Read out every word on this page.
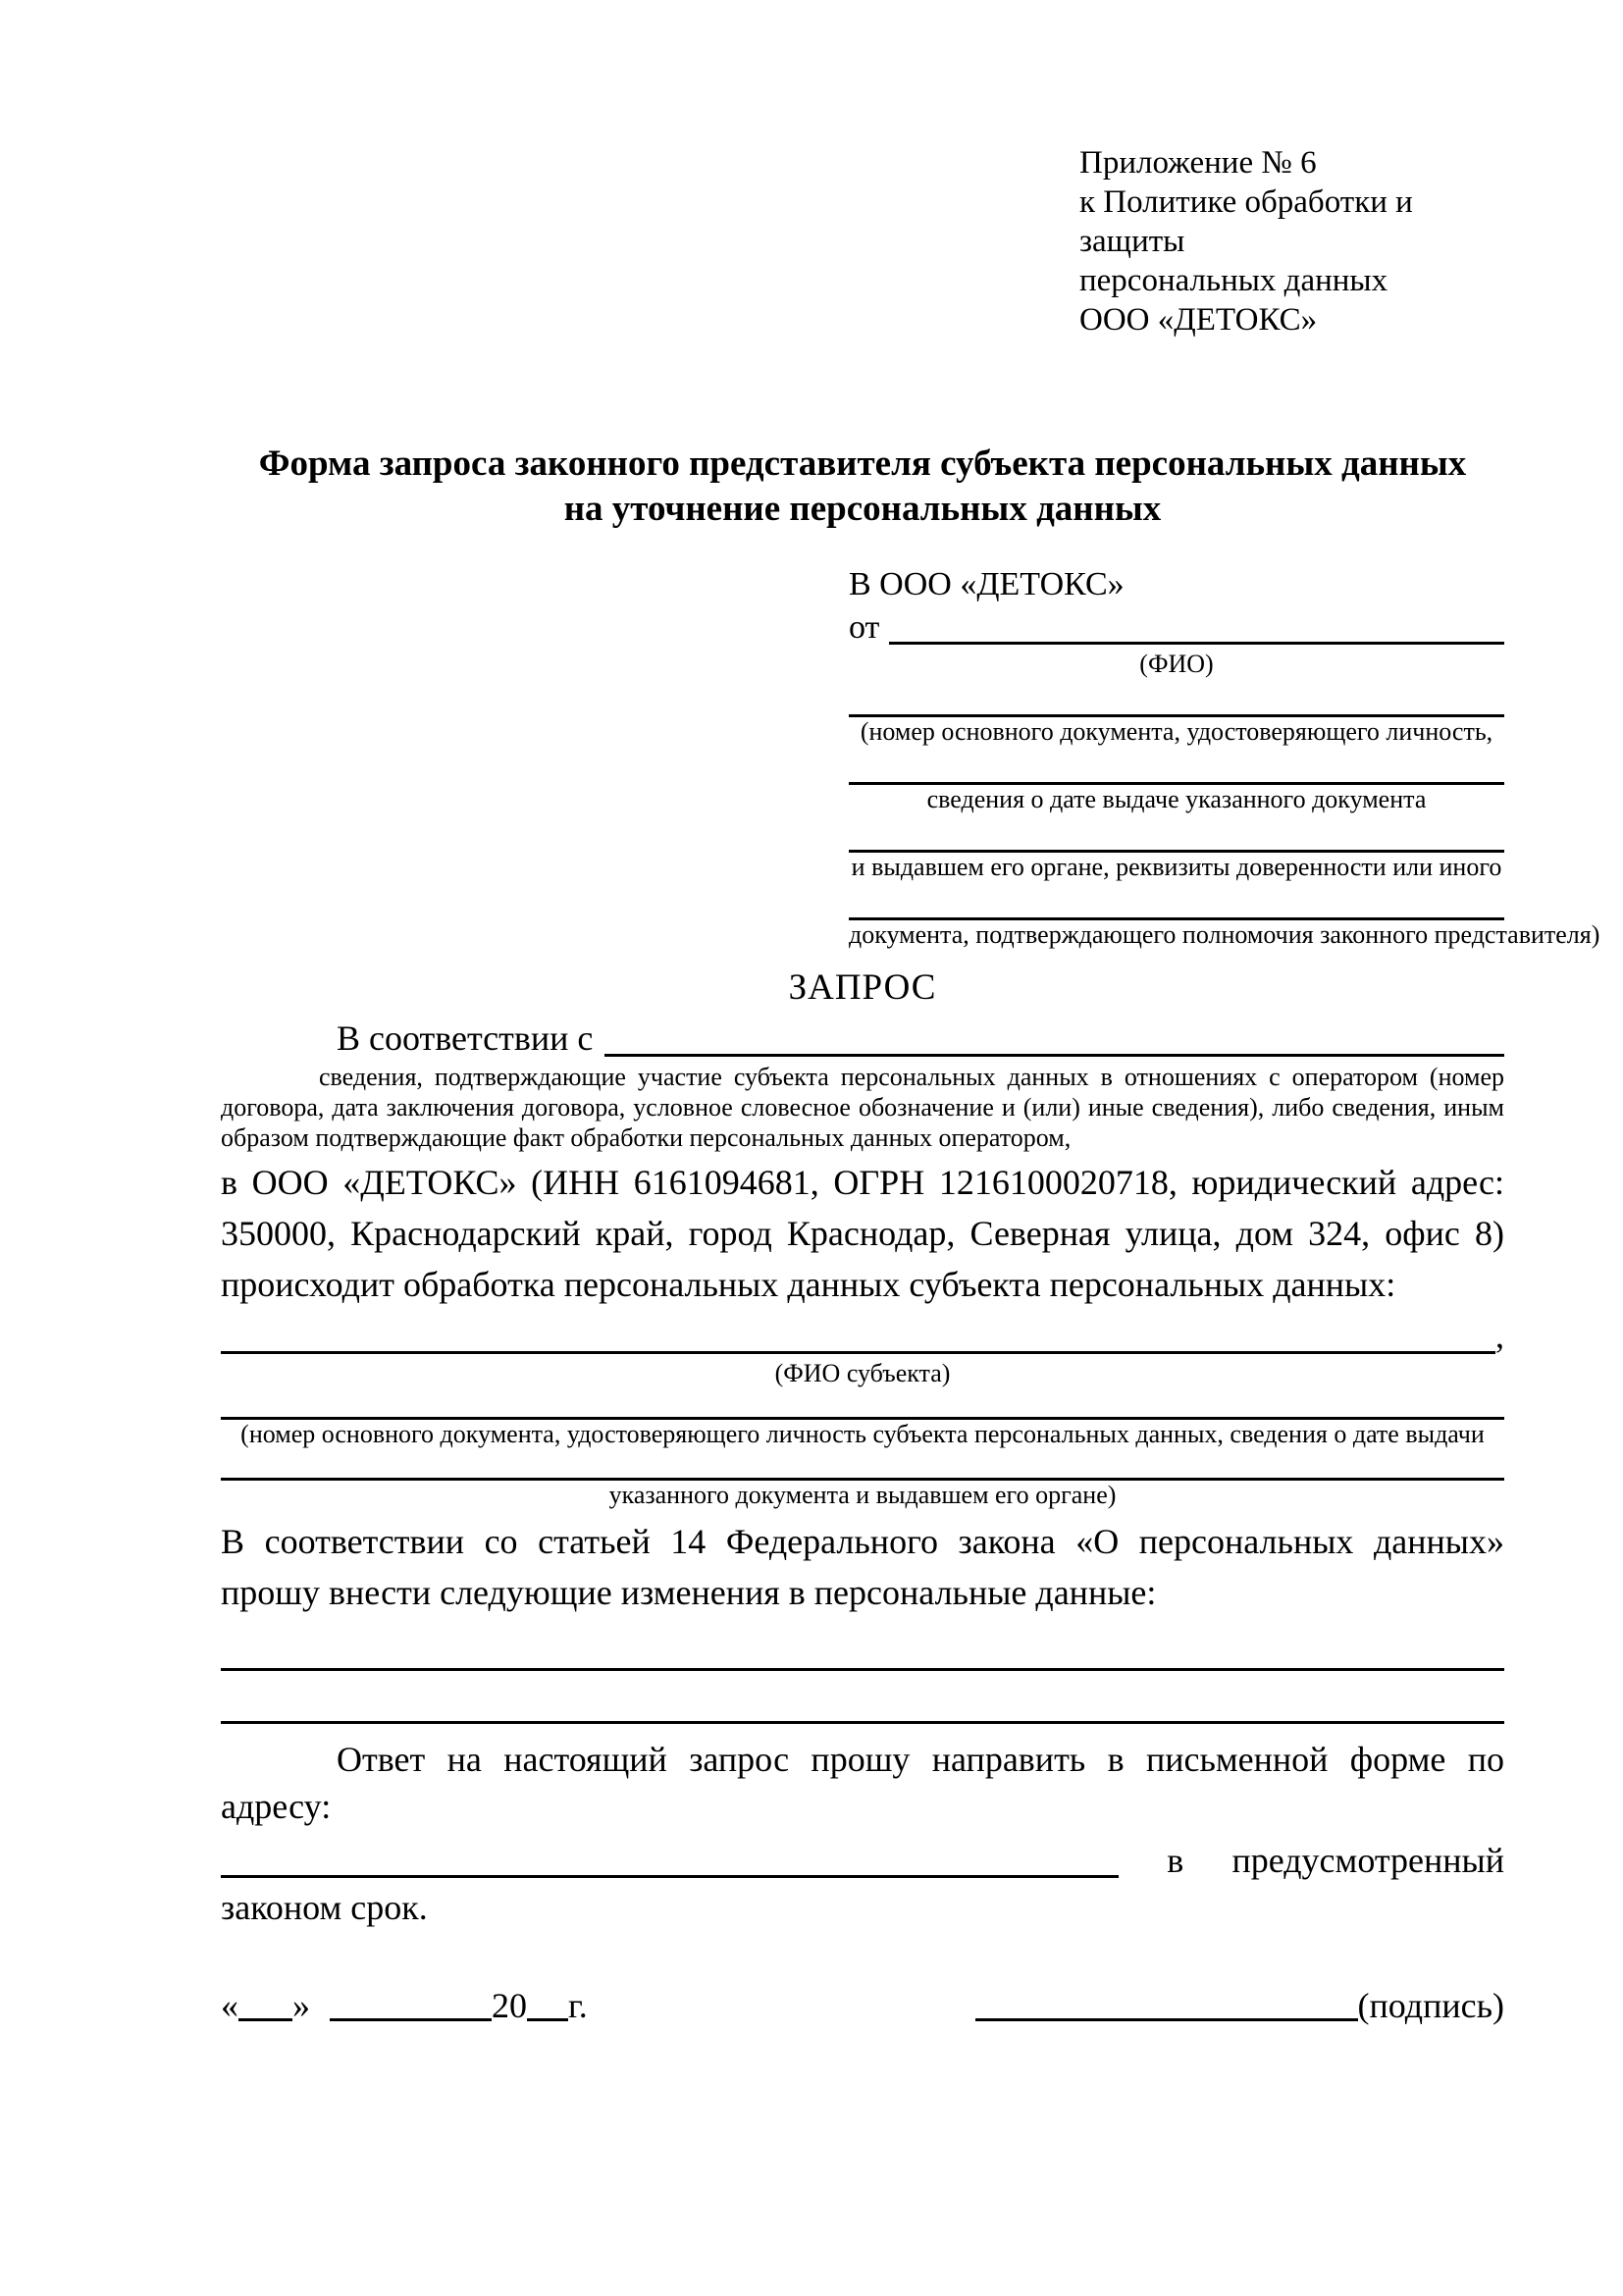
Приложение № 6
к Политике обработки и защиты
персональных данных
ООО «ДЕТОКС»
Форма запроса законного представителя субъекта персональных данных
на уточнение персональных данных
В ООО «ДЕТОКС»
от
(ФИО)
(номер основного документа, удостоверяющего личность,
сведения о дате выдаче указанного документа
и выдавшем его органе, реквизиты доверенности или иного
документа, подтверждающего полномочия законного представителя)
ЗАПРОС
В соответствии с
сведения, подтверждающие участие субъекта персональных данных в отношениях с оператором (номер договора, дата заключения договора, условное словесное обозначение и (или) иные сведения), либо сведения, иным образом подтверждающие факт обработки персональных данных оператором,
в ООО «ДЕТОКС» (ИНН 6161094681, ОГРН 1216100020718, юридический адрес: 350000, Краснодарский край, город Краснодар, Северная улица, дом 324, офис 8) происходит обработка персональных данных субъекта персональных данных:
,
(ФИО субъекта)
(номер основного документа, удостоверяющего личность субъекта персональных данных, сведения о дате выдачи
указанного документа и выдавшем его органе)
В соответствии со статьей 14 Федерального закона «О персональных данных» прошу внести следующие изменения в персональные данные:
Ответ на настоящий запрос прошу направить в письменной форме по адресу:
в предусмотренный
законом срок.
« »	20 г.	(подпись)
